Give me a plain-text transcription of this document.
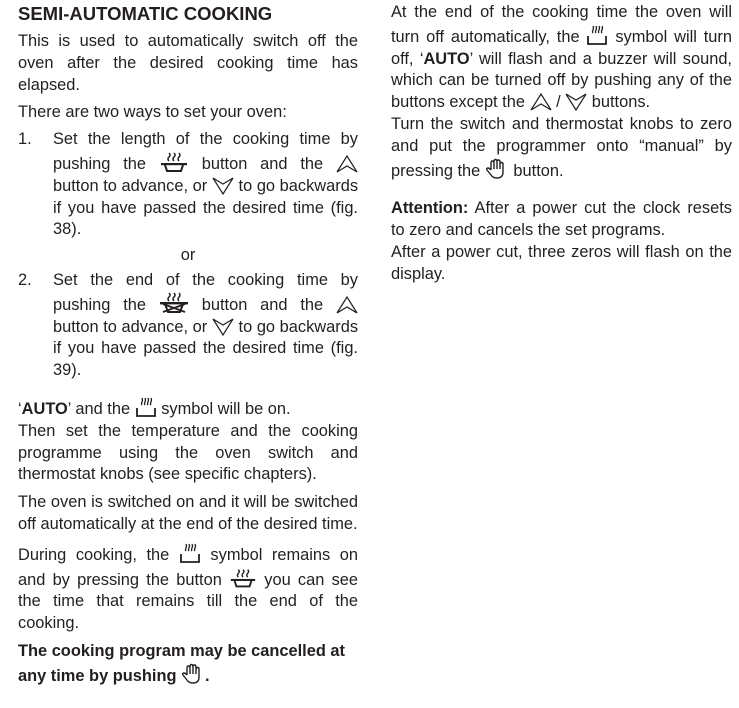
SEMI-AUTOMATIC COOKING

This is used to automatically switch off the oven after the desired cooking time has elapsed.

There are two ways to set your oven:

1. Set the length of the cooking time by pushing the	button and the
button to advance, or to go backwards if you have passed the desired time (fig. 38).

or
2. Set the end of the cooking time by pushing the	button and the
button to advance, or to go backwards if you have passed the desired time (fig. 39).

‘AUTO’ and the symbol will be on.

Then set the temperature and the cooking programme using the oven switch and thermostat knobs (see specific chapters).

The oven is switched on and it will be switched off automatically at the end of the desired time.

During cooking, the	symbol remains on and by pressing the button	you can see the time that remains till the end of the cooking.

The cooking program may be cancelled at any time by pushing .

At the end of the cooking time the oven will turn off automatically, the symbol will turn off, ‘AUTO’ will flash and a buzzer will sound, which can be turned off by pushing any of the buttons except the / buttons.

Turn the switch and thermostat knobs to zero and put the programmer onto “manual” by pressing the button.

Attention: After a power cut the clock resets to zero and cancels the set programs.

After a power cut, three zeros will flash on the display.
